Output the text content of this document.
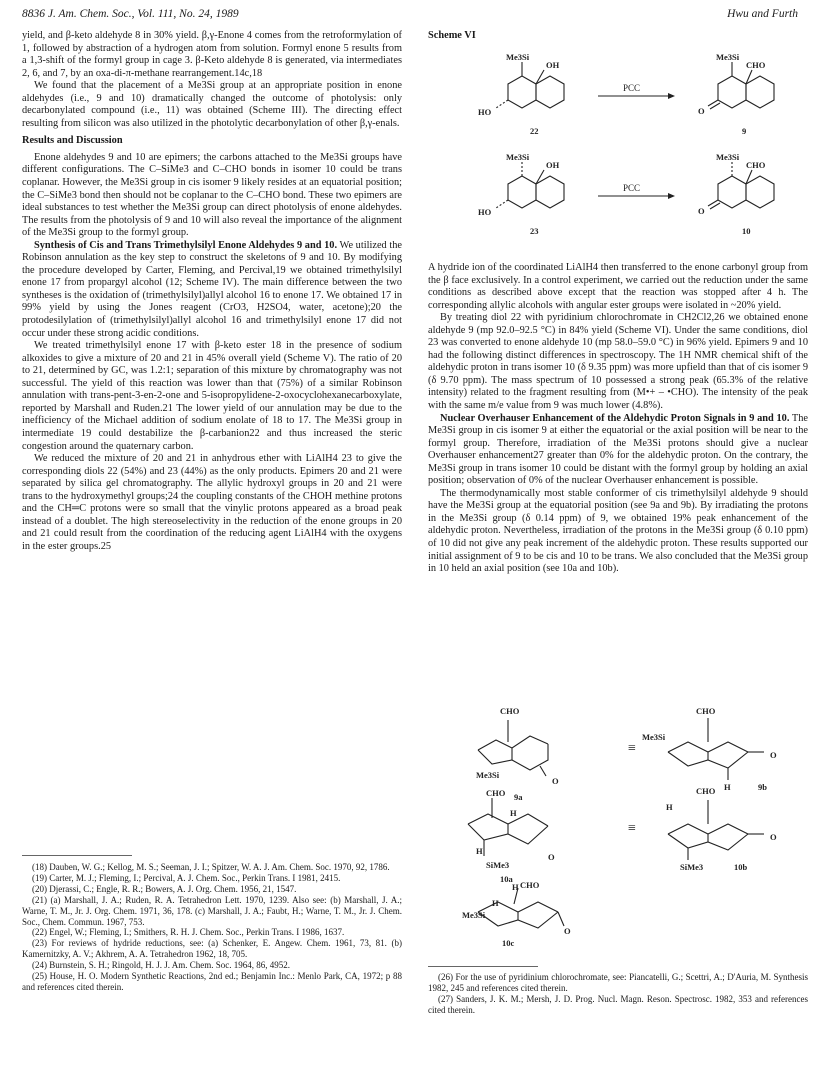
8836 J. Am. Chem. Soc., Vol. 111, No. 24, 1989	Hwu and Furth

yield, and β-keto aldehyde 8 in 30% yield. β,γ-Enone 4 comes from the retroformylation of 1, followed by abstraction of a hydrogen atom from solution. Formyl enone 5 results from a 1,3-shift of the formyl group in cage 3. β-Keto aldehyde 8 is generated, via intermediates 2, 6, and 7, by an oxa-di-π-methane rearrangement.14c,18

We found that the placement of a Me3Si group at an appropriate position in enone aldehydes (i.e., 9 and 10) dramatically changed the outcome of photolysis: only decarbonylated compound (i.e., 11) was obtained (Scheme III). The directing effect resulting from silicon was also utilized in the photolytic decarbonylation of other β,γ-enals.

Results and Discussion

Enone aldehydes 9 and 10 are epimers; the carbons attached to the Me3Si groups have different configurations. The C–SiMe3 and C–CHO bonds in isomer 10 could be trans coplanar. However, the Me3Si group in cis isomer 9 likely resides at an equatorial position; the C–SiMe3 bond then should not be coplanar to the C–CHO bond. These two epimers are ideal substances to test whether the Me3Si group can direct photolysis of enone aldehydes. The results from the photolysis of 9 and 10 will also reveal the importance of the alignment of the Me3Si group to the formyl group.

Synthesis of Cis and Trans Trimethylsilyl Enone Aldehydes 9 and 10. We utilized the Robinson annulation as the key step to construct the skeletons of 9 and 10. By modifying the procedure developed by Carter, Fleming, and Percival,19 we obtained trimethylsilyl enone 17 from propargyl alcohol (12; Scheme IV). The main difference between the two syntheses is the oxidation of (trimethylsilyl)allyl alcohol 16 to enone 17. We obtained 17 in 99% yield by using the Jones reagent (CrO3, H2SO4, water, acetone);20 the protodesilylation of (trimethylsilyl)allyl alcohol 16 and trimethylsilyl enone 17 did not occur under these strong acidic conditions.

We treated trimethylsilyl enone 17 with β-keto ester 18 in the presence of sodium alkoxides to give a mixture of 20 and 21 in 45% overall yield (Scheme V). The ratio of 20 to 21, determined by GC, was 1.2:1; separation of this mixture by chromatography was not successful. The yield of this reaction was lower than that (75%) of a similar Robinson annulation with trans-pent-3-en-2-one and 5-isopropylidene-2-oxocyclohexanecarboxylate, reported by Marshall and Ruden.21 The lower yield of our annulation may be due to the inefficiency of the Michael addition of sodium enolate of 18 to 17. The Me3Si group in intermediate 19 could destabilize the β-carbanion22 and thus increased the steric congestion around the quaternary carbon.

We reduced the mixture of 20 and 21 in anhydrous ether with LiAlH4 23 to give the corresponding diols 22 (54%) and 23 (44%) as the only products. Epimers 20 and 21 were separated by silica gel chromatography. The allylic hydroxyl groups in 20 and 21 were trans to the hydroxymethyl groups;24 the coupling constants of the CHOH methine protons and the CH═C protons were so small that the vinylic protons appeared as a broad peak instead of a doublet. The high stereoselectivity in the reduction of the enone groups in 20 and 21 could result from the coordination of the reducing agent LiAlH4 with the oxygens in the ester groups.25

(18) Dauben, W. G.; Kellog, M. S.; Seeman, J. I.; Spitzer, W. A. J. Am. Chem. Soc. 1970, 92, 1786.

(19) Carter, M. J.; Fleming, I.; Percival, A. J. Chem. Soc., Perkin Trans. I 1981, 2415.

(20) Djerassi, C.; Engle, R. R.; Bowers, A. J. Org. Chem. 1956, 21, 1547.

(21) (a) Marshall, J. A.; Ruden, R. A. Tetrahedron Lett. 1970, 1239. Also see: (b) Marshall, J. A.; Warne, T. M., Jr. J. Org. Chem. 1971, 36, 178. (c) Marshall, J. A.; Faubt, H.; Warne, T. M., Jr. J. Chem. Soc., Chem. Commun. 1967, 753.

(22) Engel, W.; Fleming, I.; Smithers, R. H. J. Chem. Soc., Perkin Trans. I 1986, 1637.

(23) For reviews of hydride reductions, see: (a) Schenker, E. Angew. Chem. 1961, 73, 81. (b) Kamernitzky, A. V.; Akhrem, A. A. Tetrahedron 1962, 18, 705.

(24) Burnstein, S. H.; Ringold, H. J. J. Am. Chem. Soc. 1964, 86, 4952.

(25) House, H. O. Modern Synthetic Reactions, 2nd ed.; Benjamin Inc.: Menlo Park, CA, 1972; p 88 and references cited therein.

Scheme VI
Me3Si
OH
HO
22
Me3Si
CHO
O
9
Me3Si
OH
HO
23
Me3Si
CHO
O
10
PCC
PCC

A hydride ion of the coordinated LiAlH4 then transferred to the enone carbonyl group from the β face exclusively. In a control experiment, we carried out the reduction under the same conditions as described above except that the reaction was stopped after 4 h. The corresponding allylic alcohols with angular ester groups were isolated in ~20% yield.

By treating diol 22 with pyridinium chlorochromate in CH2Cl2,26 we obtained enone aldehyde 9 (mp 92.0–92.5 °C) in 84% yield (Scheme VI). Under the same conditions, diol 23 was converted to enone aldehyde 10 (mp 58.0–59.0 °C) in 96% yield. Epimers 9 and 10 had the following distinct differences in spectroscopy. The 1H NMR chemical shift of the aldehydic proton in trans isomer 10 (δ 9.35 ppm) was more upfield than that of cis isomer 9 (δ 9.70 ppm). The mass spectrum of 10 possessed a strong peak (65.3% of the relative intensity) related to the fragment resulting from (M•+ – •CHO). The intensity of the peak with the same m/e value from 9 was much lower (4.8%).

Nuclear Overhauser Enhancement of the Aldehydic Proton Signals in 9 and 10. The Me3Si group in cis isomer 9 at either the equatorial or the axial position will be near to the formyl group. Therefore, irradiation of the Me3Si protons should give a nuclear Overhauser enhancement27 greater than 0% for the aldehydic proton. On the contrary, the Me3Si group in trans isomer 10 could be distant with the formyl group by holding an axial position; observation of 0% of the nuclear Overhauser enhancement is possible.

The thermodynamically most stable conformer of cis trimethylsilyl aldehyde 9 should have the Me3Si group at the equatorial position (see 9a and 9b). By irradiating the protons in the Me3Si group (δ 0.14 ppm) of 9, we obtained 19% peak enhancement of the aldehydic proton. Nevertheless, irradiation of the protons in the Me3Si group (δ 0.10 ppm) of 10 did not give any peak increment of the aldehydic proton. These results supported our initial assignment of 9 to be cis and 10 to be trans. We also concluded that the Me3Si group in 10 held an axial position (see 10a and 10b).

CHO
Me3Si
O
9a
≡
CHO
Me3Si
O
H	9b
CHO
H
H
SiMe3
O
10a
≡
CHO
H
O
SiMe3	10b
CHO
H
H
Me3Si
O
10c

(26) For the use of pyridinium chlorochromate, see: Piancatelli, G.; Scettri, A.; D'Auria, M. Synthesis 1982, 245 and references cited therein.

(27) Sanders, J. K. M.; Mersh, J. D. Prog. Nucl. Magn. Reson. Spectrosc. 1982, 353 and references cited therein.
